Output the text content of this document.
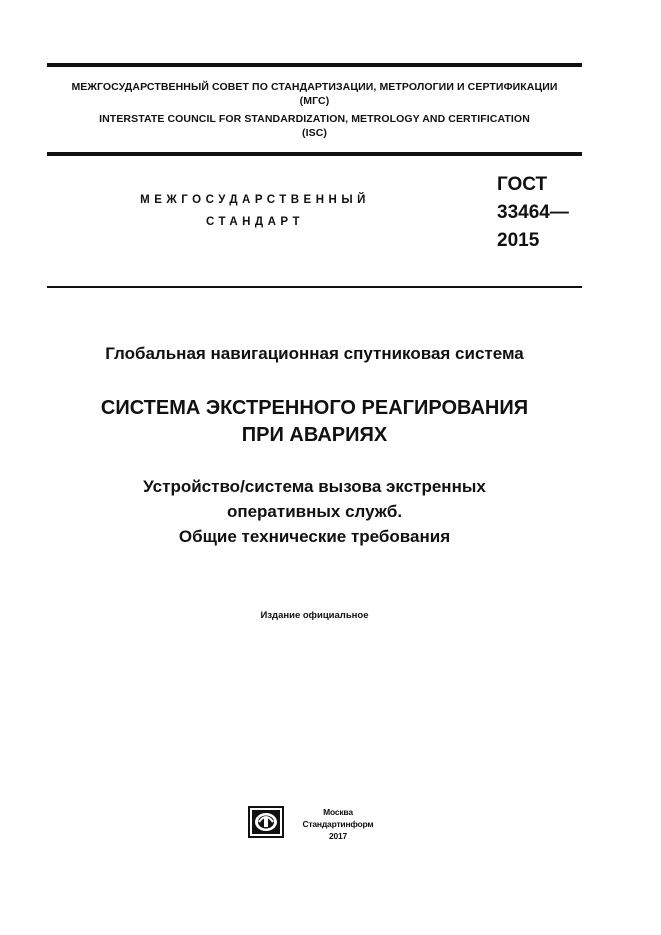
МЕЖГОСУДАРСТВЕННЫЙ СОВЕТ ПО СТАНДАРТИЗАЦИИ, МЕТРОЛОГИИ И СЕРТИФИКАЦИИ
(МГС)
INTERSTATE COUNCIL FOR STANDARDIZATION, METROLOGY AND CERTIFICATION
(ISC)
МЕЖГОСУДАРСТВЕННЫЙ
СТАНДАРТ
ГОСТ
33464—
2015
Глобальная навигационная спутниковая система
СИСТЕМА ЭКСТРЕННОГО РЕАГИРОВАНИЯ
ПРИ АВАРИЯХ
Устройство/система вызова экстренных
оперативных служб.
Общие технические требования
Издание официальное
Москва
Стандартинформ
2017
